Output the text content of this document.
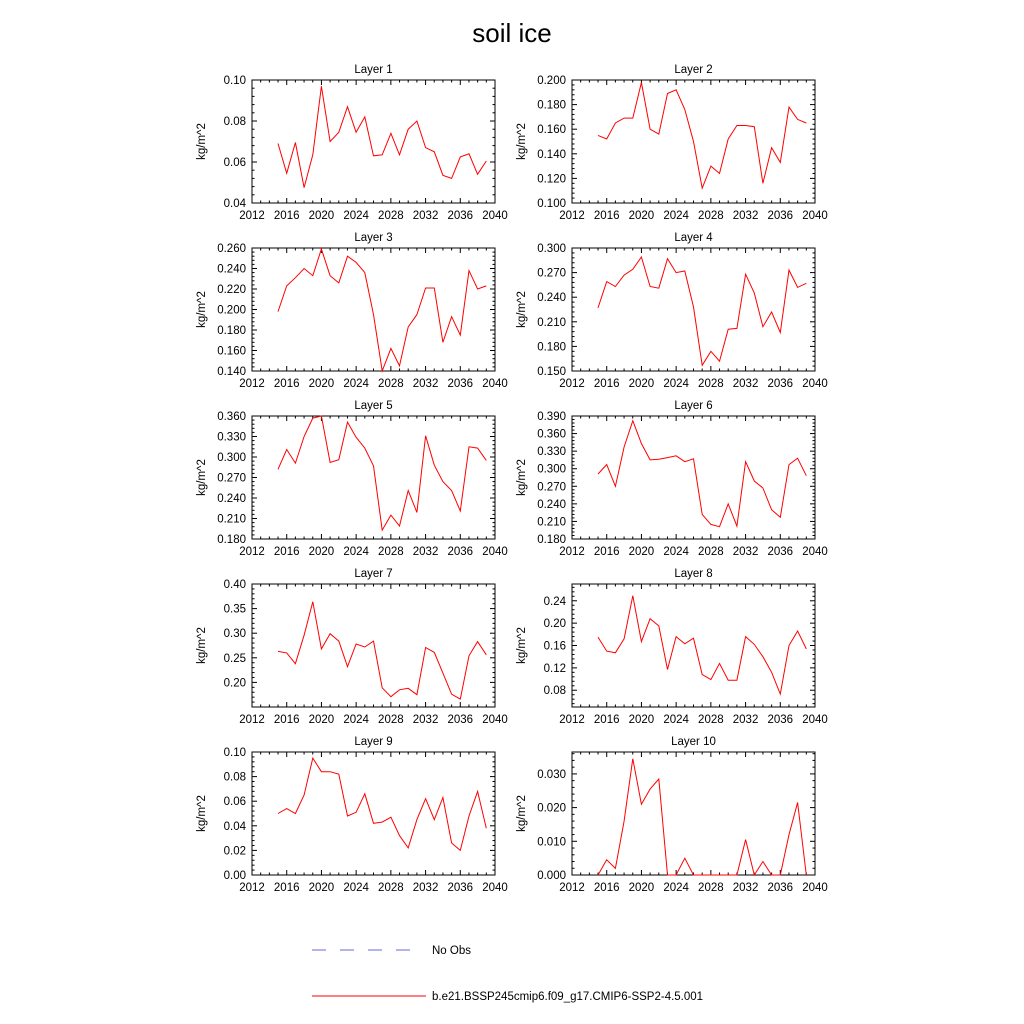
soil ice
Layer 1
2012 2016 2020 2024 2028 2032 2036 2040
0.04
0.06
0.08
0.10
kg/m^2
Layer 2
2012 2016 2020 2024 2028 2032 2036 2040
0.100
0.120
0.140
0.160
0.180
0.200
kg/m^2
Layer 3
2012 2016 2020 2024 2028 2032 2036 2040
0.140
0.160
0.180
0.200
0.220
0.240
0.260
kg/m^2
Layer 4
2012 2016 2020 2024 2028 2032 2036 2040
0.150
0.180
0.210
0.240
0.270
0.300
kg/m^2
Layer 5
2012 2016 2020 2024 2028 2032 2036 2040
0.180
0.210
0.240
0.270
0.300
0.330
0.360
kg/m^2
Layer 6
2012 2016 2020 2024 2028 2032 2036 2040
0.180
0.210
0.240
0.270
0.300
0.330
0.360
0.390
kg/m^2
Layer 7
2012 2016 2020 2024 2028 2032 2036 2040
0.20
0.25
0.30
0.35
0.40
kg/m^2
Layer 8
2012 2016 2020 2024 2028 2032 2036 2040
0.08
0.12
0.16
0.20
0.24
kg/m^2
Layer 9
2012 2016 2020 2024 2028 2032 2036 2040
0.00
0.02
0.04
0.06
0.08
0.10
kg/m^2
Layer 10
2012 2016 2020 2024 2028 2032 2036 2040
0.000
0.010
0.020
0.030
kg/m^2
No Obs
b.e21.BSSP245cmip6.f09_g17.CMIP6-SSP2-4.5.001
